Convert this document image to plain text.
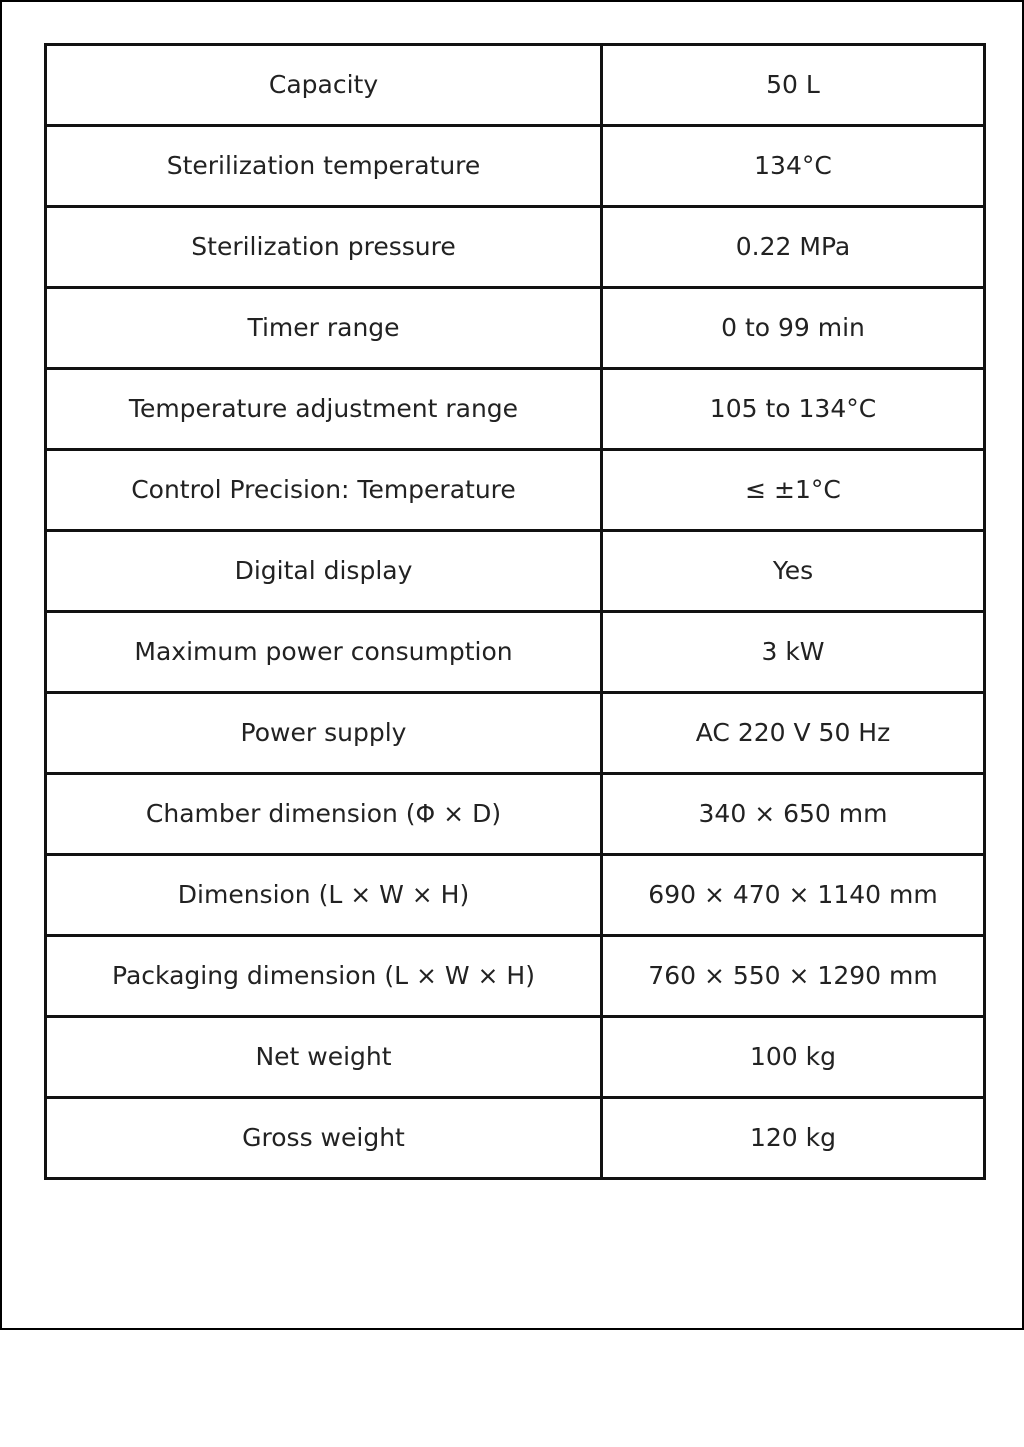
Capacity	50 L
Sterilization temperature	134°C
Sterilization pressure	0.22 MPa
Timer range	0 to 99 min
Temperature adjustment range	105 to 134°C
Control Precision: Temperature	≤ ±1°C
Digital display	Yes
Maximum power consumption	3 kW
Power supply	AC 220 V 50 Hz
Chamber dimension (Φ × D)	340 × 650 mm
Dimension (L × W × H)	690 × 470 × 1140 mm
Packaging dimension (L × W × H)	760 × 550 × 1290 mm
Net weight	100 kg
Gross weight	120 kg
